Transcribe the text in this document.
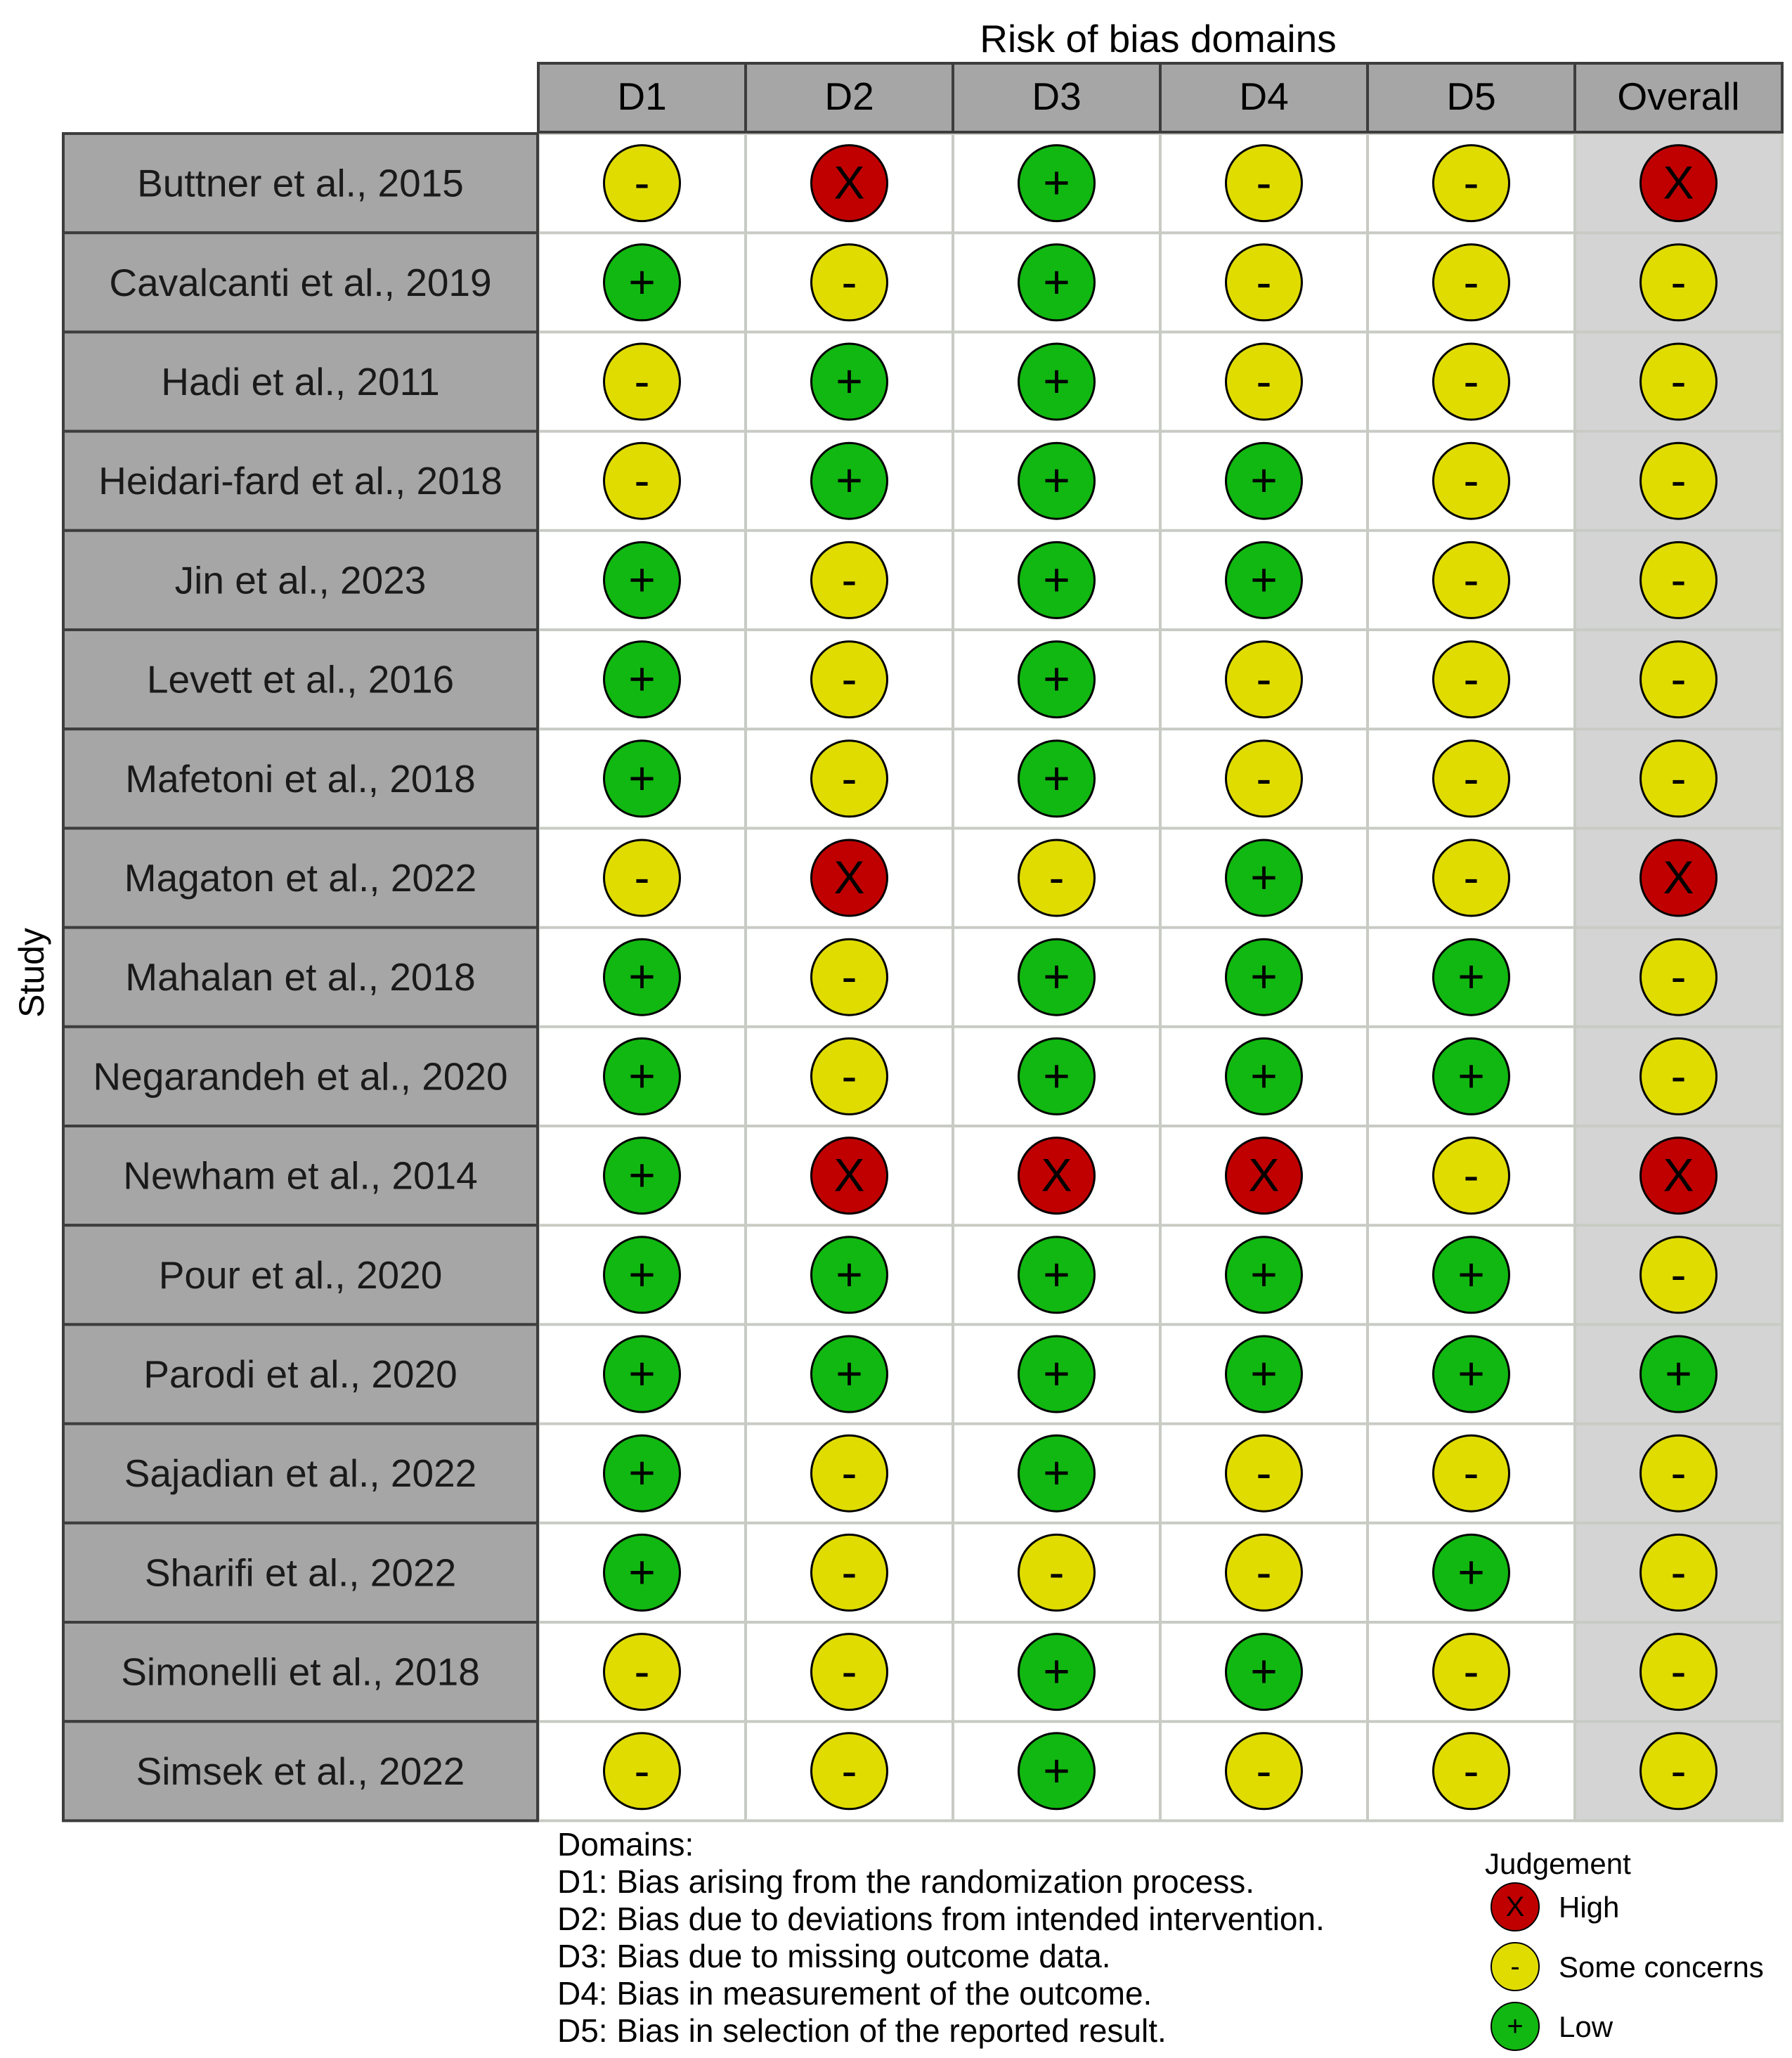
Risk of bias domains
Study
D1	D2	D3	D4	D5	Overall
Buttner et al., 2015	-	X	+	-	-	X
Cavalcanti et al., 2019	+	-	+	-	-	-
Hadi et al., 2011	-	+	+	-	-	-
Heidari-fard et al., 2018	-	+	+	+	-	-
Jin et al., 2023	+	-	+	+	-	-
Levett et al., 2016	+	-	+	-	-	-
Mafetoni et al., 2018	+	-	+	-	-	-
Magaton et al., 2022	-	X	-	+	-	X
Mahalan et al., 2018	+	-	+	+	+	-
Negarandeh et al., 2020	+	-	+	+	+	-
Newham et al., 2014	+	X	X	X	-	X
Pour et al., 2020	+	+	+	+	+	-
Parodi et al., 2020	+	+	+	+	+	+
Sajadian et al., 2022	+	-	+	-	-	-
Sharifi et al., 2022	+	-	-	-	+	-
Simonelli et al., 2018	-	-	+	+	-	-
Simsek et al., 2022	-	-	+	-	-	-
Domains:
D1: Bias arising from the randomization process.
D2: Bias due to deviations from intended intervention.
D3: Bias due to missing outcome data.
D4: Bias in measurement of the outcome.
D5: Bias in selection of the reported result.
Judgement
X High
- Some concerns
+ Low
